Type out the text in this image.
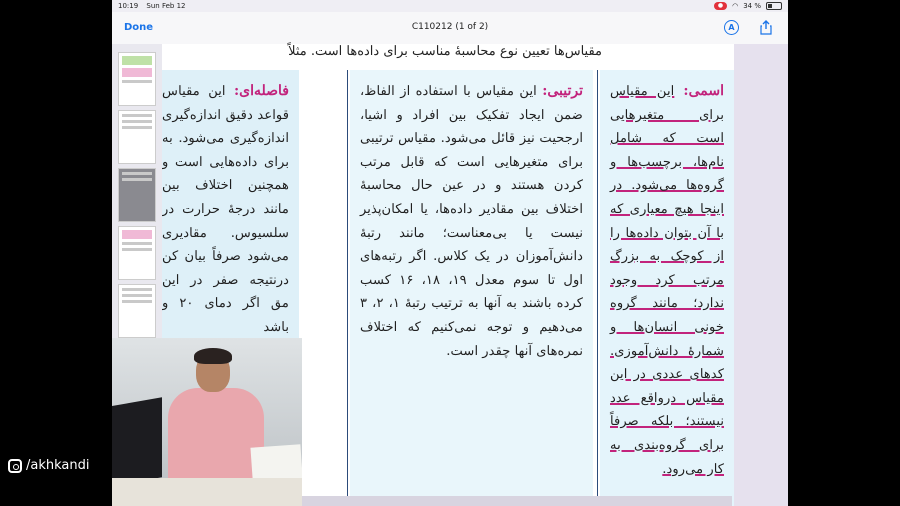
10:19 Sun Feb 12	●	◠ 34 %
Done	C110212 (1 of 2)	A
مقیاس‌ها تعیین نوع محاسبهٔ مناسب برای داده‌ها است. مثلاً
اسمی: این مقیاس برای متغیرهایی است که شامل نام‌ها، برچسب‌ها و گروه‌ها می‌شود. در اینجا هیچ معیاری که با آن بتوان داده‌ها را از کوچک به بزرگ مرتب کرد وجود ندارد؛ مانند گروه خونی انسان‌ها و شمارهٔ دانش‌آموزی. کدهای عددی در این مقیاس درواقع عدد نیستند؛ بلکه صرفاً برای گروه‌بندی به کار می‌رود.
ترتیبی: این مقیاس با استفاده از الفاظ، ضمن ایجاد تفکیک بین افراد و اشیا، ارجحیت نیز قائل می‌شود. مقیاس ترتیبی برای متغیرهایی است که قابل مرتب کردن هستند و در عین حال محاسبهٔ اختلاف بین مقادیر داده‌ها، یا امکان‌پذیر نیست یا بی‌معناست؛ مانند رتبهٔ دانش‌آموزان در یک کلاس. اگر رتبه‌های اول تا سوم معدل ۱۹، ۱۸، ۱۶ کسب کرده باشند به آنها به ترتیب رتبهٔ ۱، ۲، ۳ می‌دهیم و توجه نمی‌کنیم که اختلاف نمره‌های آنها چقدر است.
فاصله‌ای: این مقیاس قواعد دقیق اندازه‌گیری اندازه‌گیری می‌شود. به برای داده‌هایی است و همچنین اختلاف بین مانند درجهٔ حرارت در سلسیوس. مقادیری می‌شود صرفاً بیان کن درنتیجه صفر در این مق اگر دمای ۲۰ و باشد
/akhkandi
